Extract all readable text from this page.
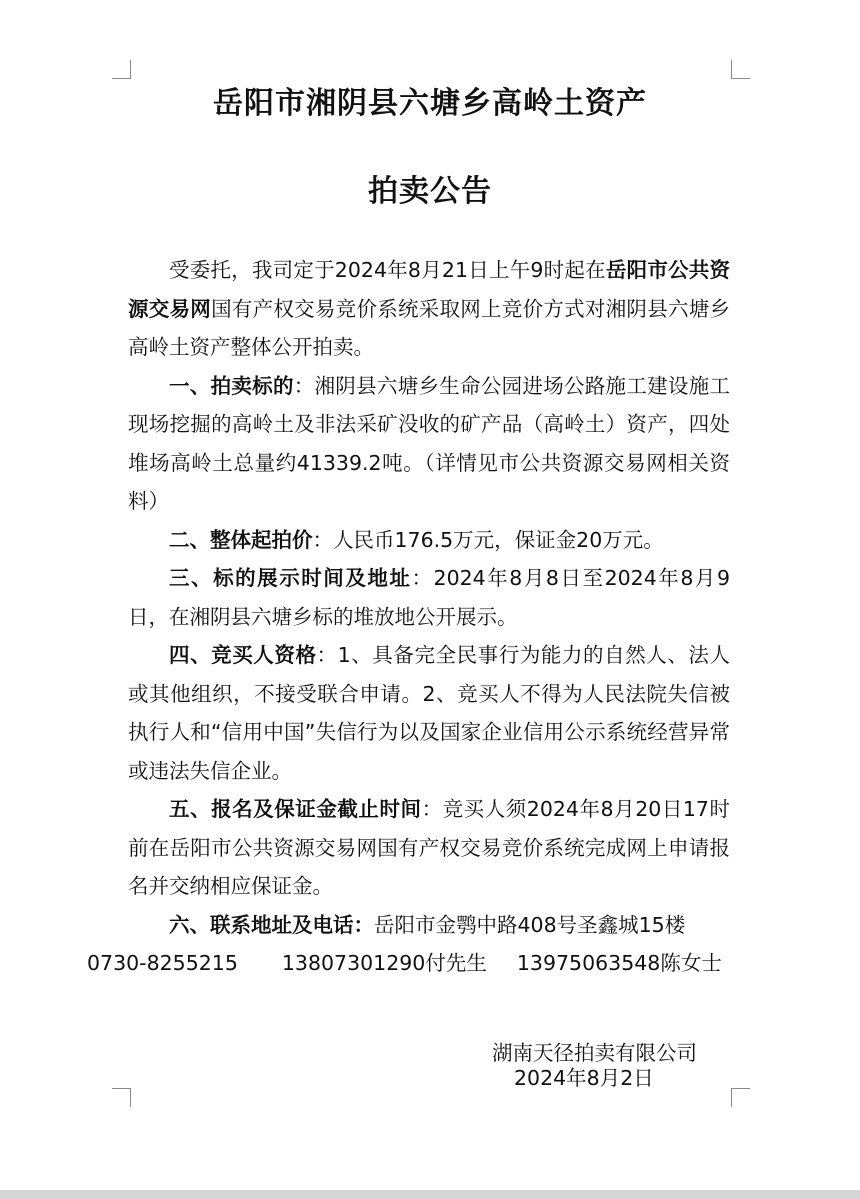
岳阳市湘阴县六塘乡高岭土资产
拍卖公告

受委托，我司定于2024年8月21日上午9时起在岳阳市公共资源交易网国有产权交易竞价系统采取网上竞价方式对湘阴县六塘乡高岭土资产整体公开拍卖。

一、拍卖标的：湘阴县六塘乡生命公园进场公路施工建设施工现场挖掘的高岭土及非法采矿没收的矿产品（高岭土）资产，四处堆场高岭土总量约41339.2吨。（详情见市公共资源交易网相关资料）

二、整体起拍价：人民币176.5万元，保证金20万元。

三、标的展示时间及地址：2024年8月8日至2024年8月9日，在湘阴县六塘乡标的堆放地公开展示。

四、竞买人资格：1、具备完全民事行为能力的自然人、法人或其他组织，不接受联合申请。2、竞买人不得为人民法院失信被执行人和“信用中国”失信行为以及国家企业信用公示系统经营异常或违法失信企业。

五、报名及保证金截止时间：竞买人须2024年8月20日17时前在岳阳市公共资源交易网国有产权交易竞价系统完成网上申请报名并交纳相应保证金。

六、联系地址及电话：岳阳市金鹗中路408号圣鑫城15楼
0730-8255215 13807301290付先生 13975063548陈女士

湖南天径拍卖有限公司
2024年8月2日
